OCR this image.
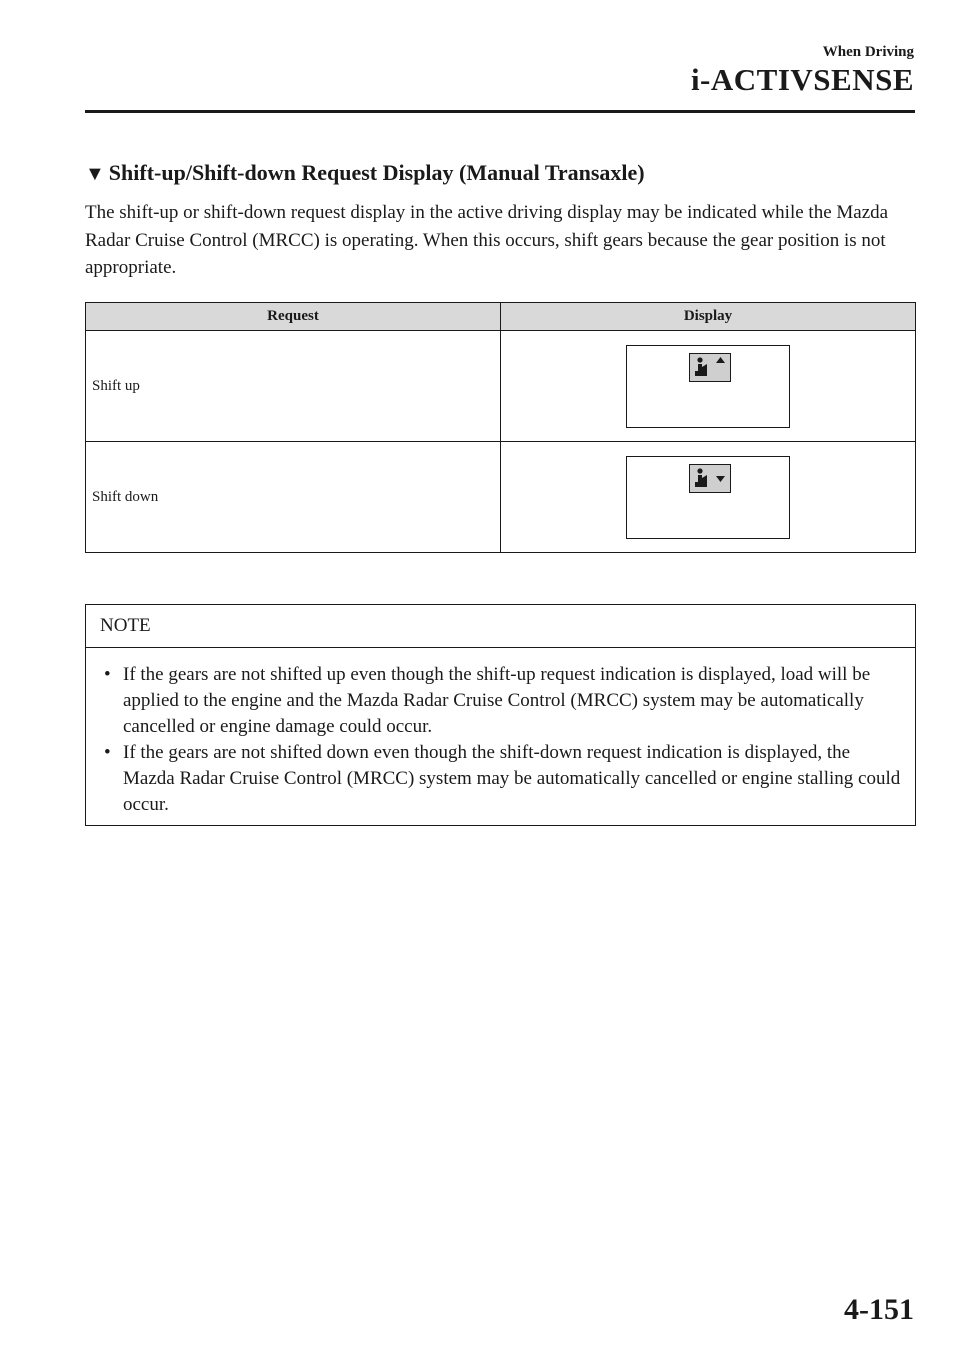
When Driving
i-ACTIVSENSE
▼ Shift-up/Shift-down Request Display (Manual Transaxle)
The shift-up or shift-down request display in the active driving display may be indicated while the Mazda Radar Cruise Control (MRCC) is operating. When this occurs, shift gears because the gear position is not appropriate.
Request	Display
Shift up	

Shift down	
NOTE
• If the gears are not shifted up even though the shift-up request indication is displayed, load will be applied to the engine and the Mazda Radar Cruise Control (MRCC) system may be automatically cancelled or engine damage could occur.
• If the gears are not shifted down even though the shift-down request indication is displayed, the Mazda Radar Cruise Control (MRCC) system may be automatically cancelled or engine stalling could occur.
4-151
